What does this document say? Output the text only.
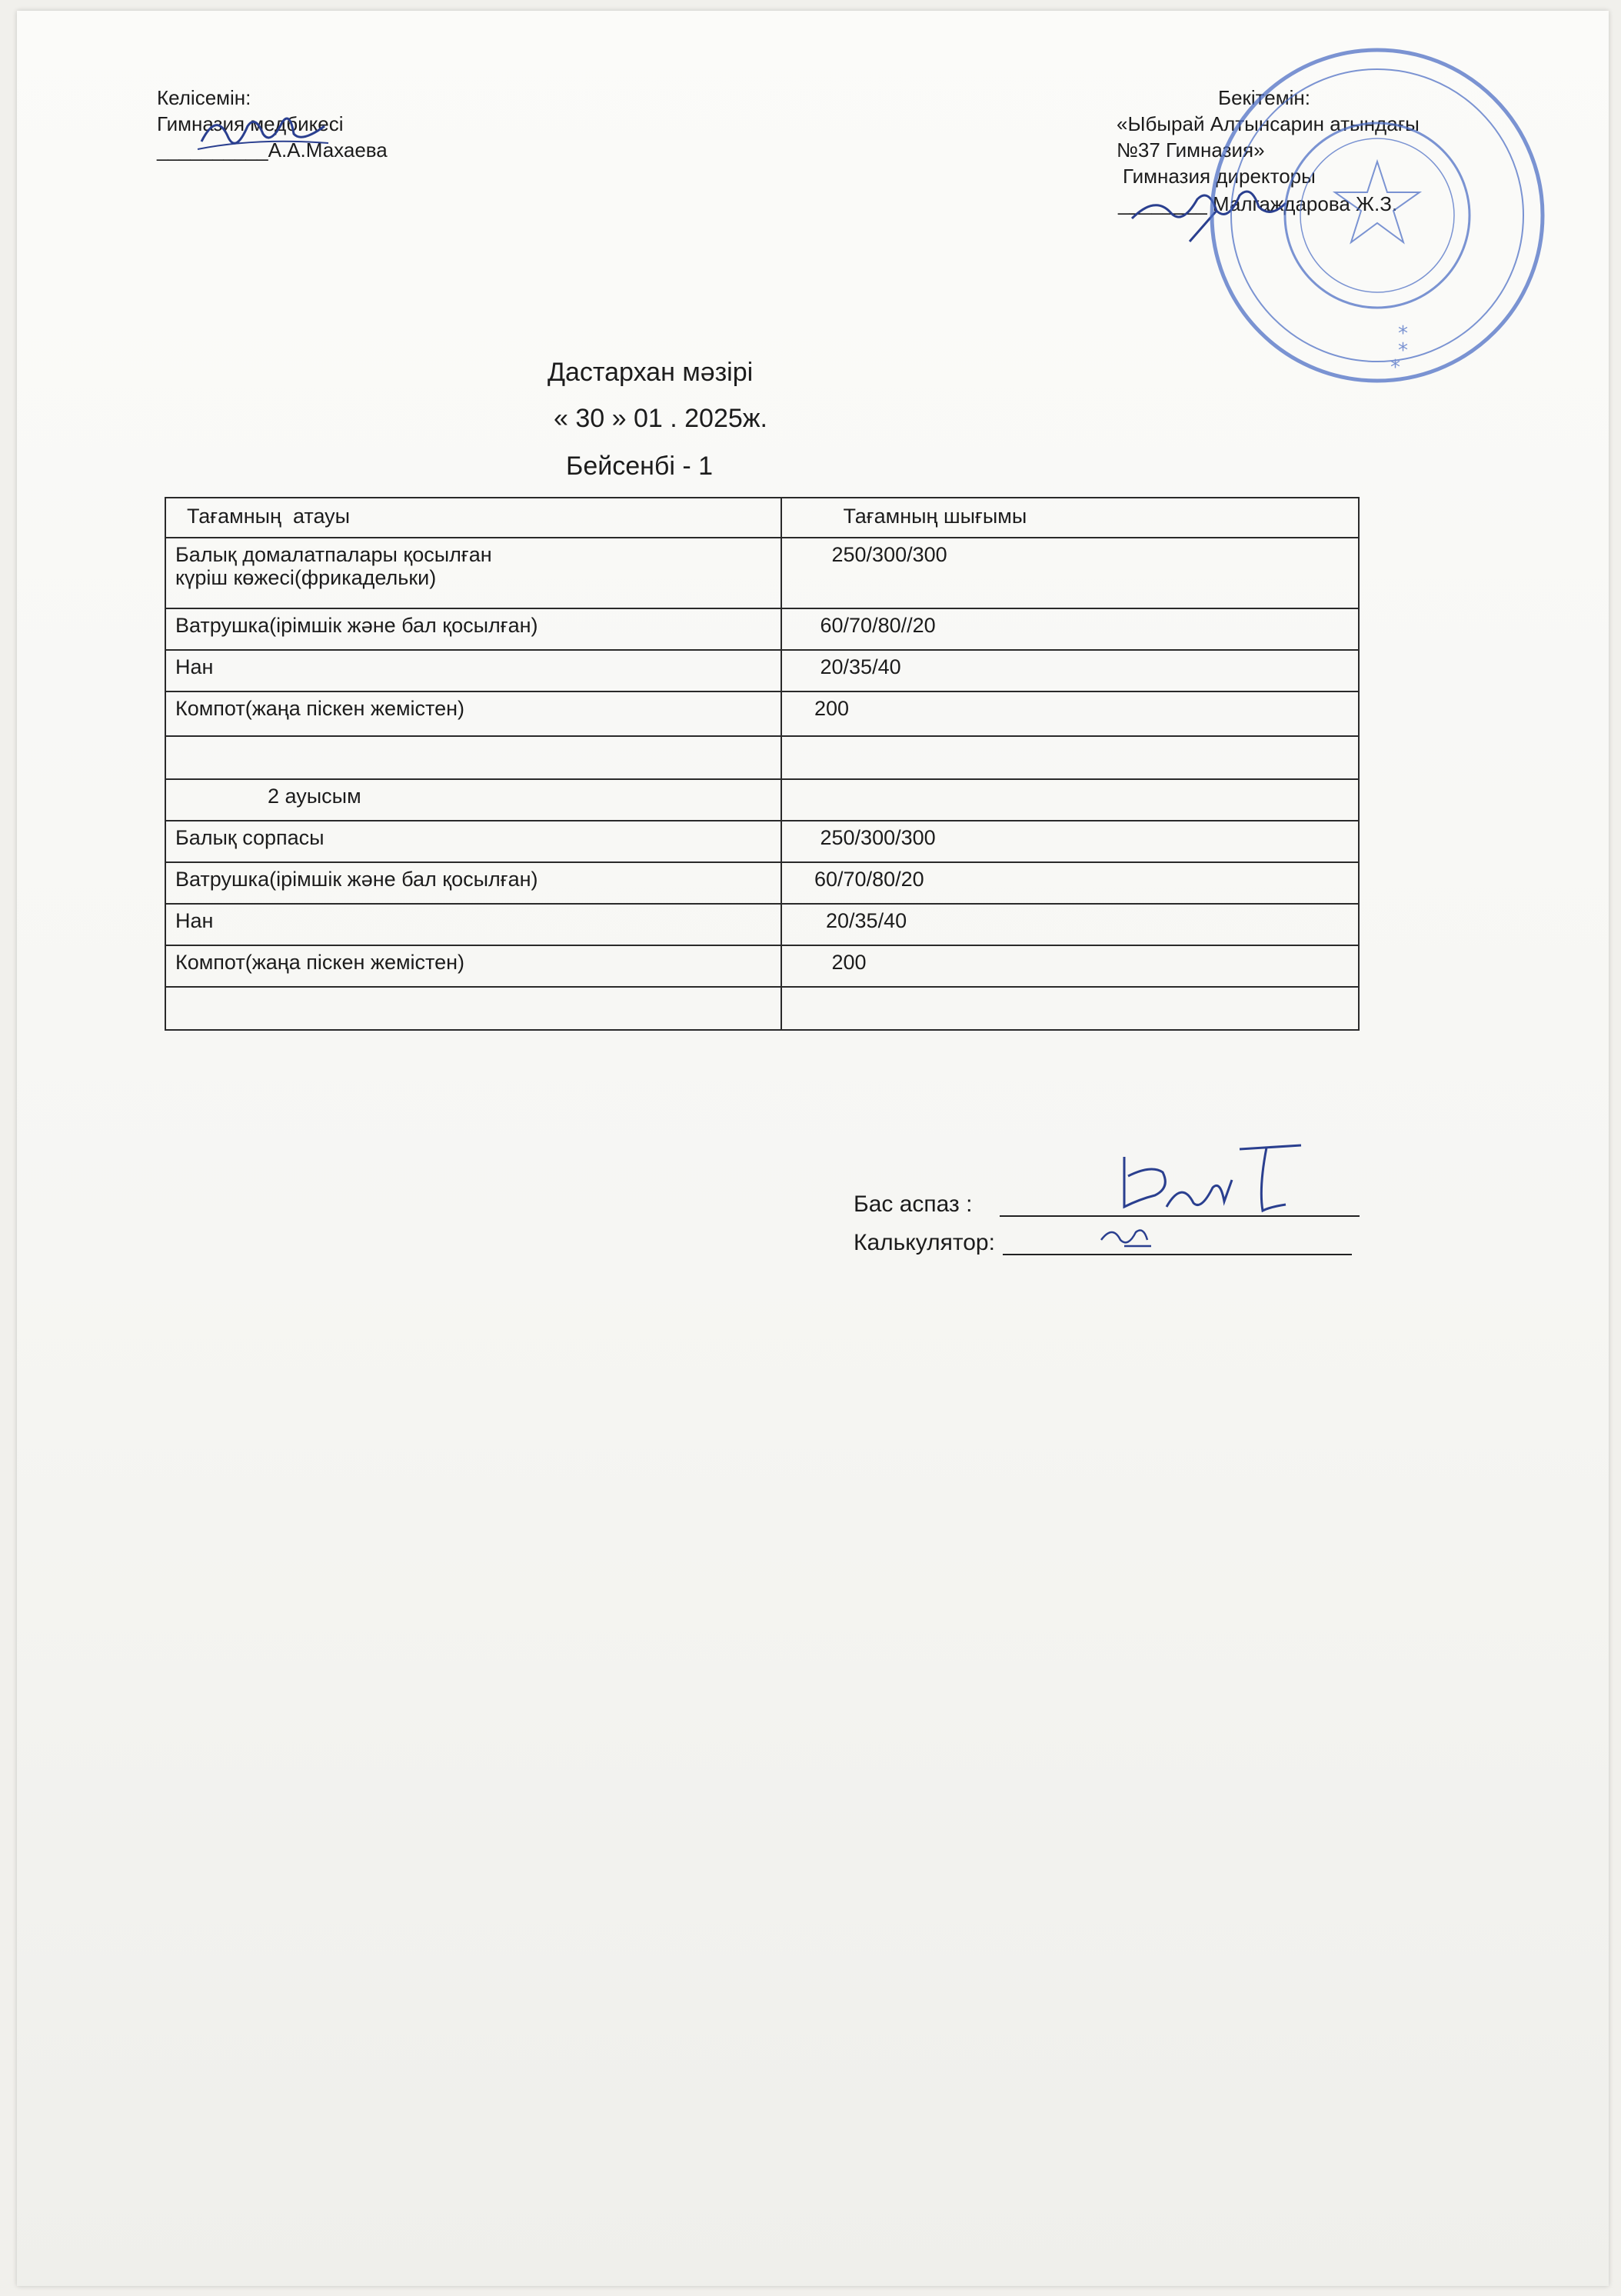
Келісемін:
Гимназия медбикесі
__________А.А.Махаева
Бекітемін:
«Ыбырай Алтынсарин атындағы
№37 Гимназия»
Гимназия директоры
________ Малгаждарова Ж.З.
*
*
*
Дастархан мәзірі
« 30 » 01 . 2025ж.
Бейсенбі - 1
Тағамның  атауы	Тағамның шығымы
Балық домалатпалары қосылған
күріш көжесі(фрикадельки)	250/300/300
Ватрушка(ірімшік және бал қосылған)	60/70/80//20
Нан	20/35/40
Компот(жаңа піскен жемістен)	200

2 ауысым	
Балық сорпасы	250/300/300
Ватрушка(ірімшік және бал қосылған)	60/70/80/20
Нан	20/35/40
Компот(жаңа піскен жемістен)	200

Бас аспаз :
Калькулятор:
